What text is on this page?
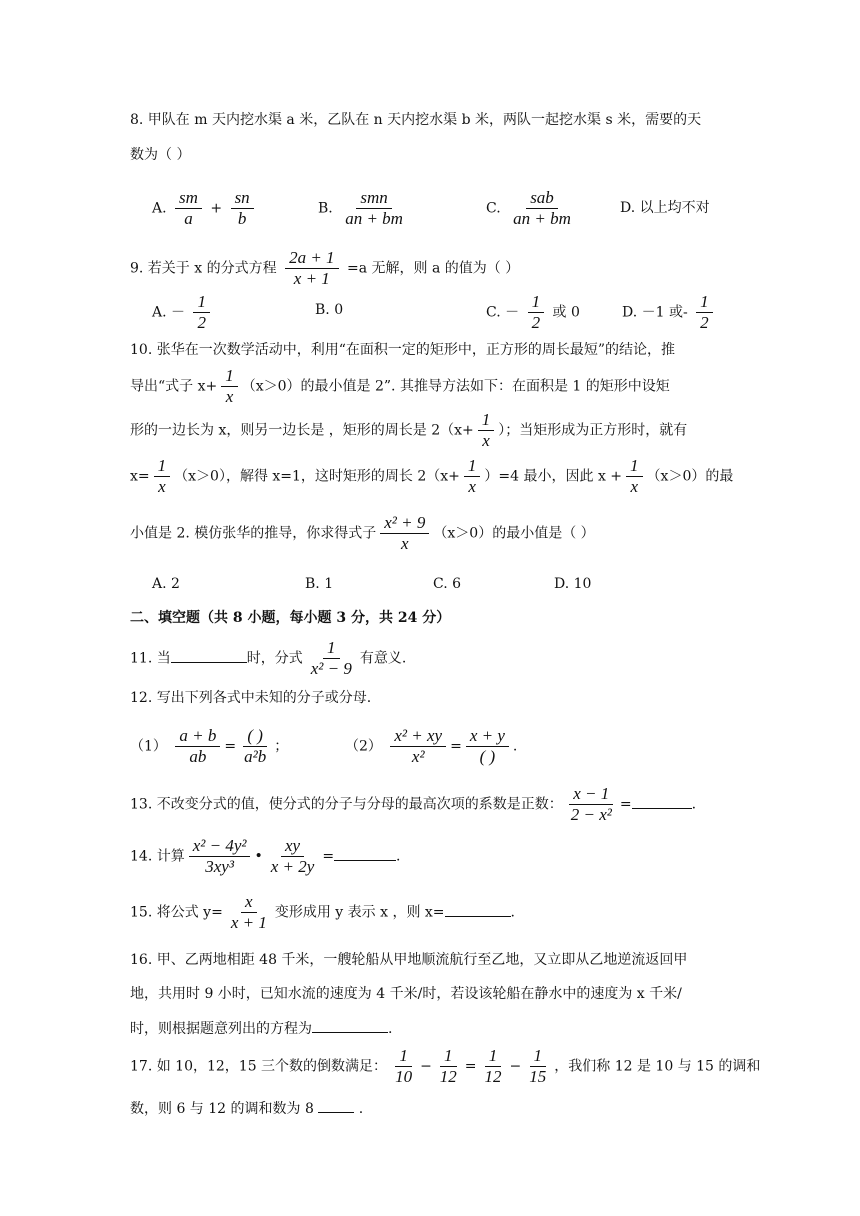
8. 甲队在 m 天内挖水渠 a 米，乙队在 n 天内挖水渠 b 米，两队一起挖水渠 s 米，需要的天
数为（ ）
A. $\frac{sm}{a} + \frac{sn}{b}$	B.
smn
an + bm
C.
sab
an + bm
D. 以上均不对
9. 若关于 x 的分式方程 $\frac{2a + 1}{x + 1} =a$ 无解，则 a 的值为（ ）
A. － $\frac{1}{2}$	B. 0	C. － $\frac{1}{2}$ 或 0	D. －1 或- $\frac{1}{2}$
10. 张华在一次数学活动中，利用“在面积一定的矩形中，正方形的周长最短”的结论，推
导出“式子 $x+ \frac{1}{x} (x>0)$的最小值是 2”. 其推导方法如下：在面积是 1 的矩形中设矩
形的一边长为 x，则另一边长是 ，矩形的周长是 $2(x+ \frac{1}{x}$ ）；当矩形成为正方形时，就有
$x= \frac{1}{x} (x>0)$，解得 x=1，这时矩形的周长 $2(x+ \frac{1}{x} )=4$ 最小，因此 $x + \frac{1}{x} (x>0)$的最
小值是 2. 模仿张华的推导，你求得式子 $\frac{\text{x² + 9}}{x} (x>0)$的最小值是（ ）
A. 2	B. 1	C. 6	D. 10
二、填空题（共 8 小题，每小题 3 分，共 24 分）
11. 当	时，分式 $\frac{1}{\text{x² − 9}}$ 有意义.
12. 写出下列各式中未知的分子或分母.
$(1) \frac{a + b}{ab}$ =
( )
a²b
；	$(2) \frac{\text{x² + xy}}{\text{x²}}$ =
x + y
( )
.
13. 不改变分式的值，使分式的分子与分母的最高次项的系数是正数： $\frac{x - 1}{\text{2 − x²}}$ =	.
14. 计算 $\frac{\text{x² − 4y²}}{\text{3xy³}}$ • $\frac{xy}{x + 2y}$ =	.
15. 将公式 $y= \frac{x}{x + 1}$ 变形成用 y 表示 x ，则 x=	.
16. 甲、乙两地相距 48 千米，一艘轮船从甲地顺流航行至乙地，又立即从乙地逆流返回甲
地，共用时 9 小时，已知水流的速度为 4 千米/时，若设该轮船在静水中的速度为 x 千米/
时，则根据题意列出的方程为	.
17. 如 10，12，15 三个数的倒数满足： $\frac{1}{10} - \frac{1}{12} = \frac{1}{12} - \frac{1}{15}$ ，我们称 12 是 10 与 15 的调和
数，则 6 与 12 的调和数为 8	.
